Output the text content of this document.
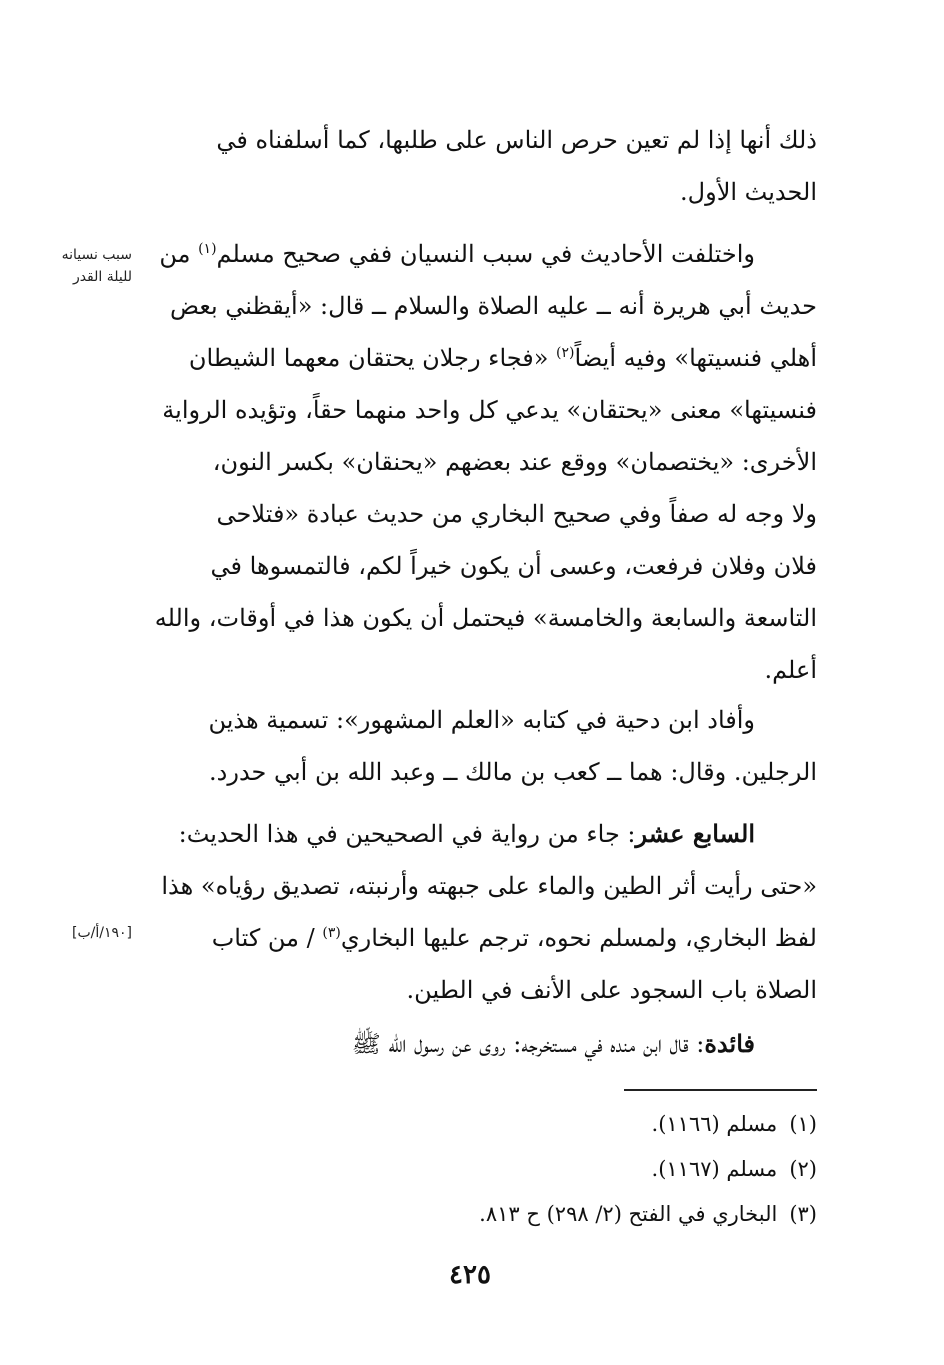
ذلك أنها إذا لم تعين حرص الناس على طلبها، كما أسلفناه في
الحديث الأول.
واختلفت الأحاديث في سبب النسيان ففي صحيح مسلم$^{(١)}$ من
حديث أبي هريرة أنه ــ عليه الصلاة والسلام ــ قال: «أيقظني بعض
أهلي فنسيتها» وفيه أيضاً$^{(٢)}$ «فجاء رجلان يحتقان معهما الشيطان
فنسيتها» معنى «يحتقان» يدعي كل واحد منهما حقاً، وتؤيده الرواية
الأخرى: «يختصمان» ووقع عند بعضهم «يحنقان» بكسر النون،
ولا وجه له صفاً وفي صحيح البخاري من حديث عبادة «فتلاحى
فلان وفلان فرفعت، وعسى أن يكون خيراً لكم، فالتمسوها في
التاسعة والسابعة والخامسة» فيحتمل أن يكون هذا في أوقات، والله
أعلم.
وأفاد ابن دحية في كتابه «العلم المشهور»: تسمية هذين
الرجلين. وقال: هما ــ كعب بن مالك ــ وعبد الله بن أبي حدرد.
السابع عشر: جاء من رواية في الصحيحين في هذا الحديث:
«حتى رأيت أثر الطين والماء على جبهته وأرنبته، تصديق رؤياه» هذا
لفظ البخاري، ولمسلم نحوه، ترجم عليها البخاري$^{(٣)}$ / من كتاب
الصلاة باب السجود على الأنف في الطين.
فائدة: قال ابن منده في مستخرجه: روى عن رسول الله ﷺ
سبب نسيانه
لليلة القدر
[١٩٠/أ/ب]
(١)مسلم (١١٦٦).
(٢)مسلم (١١٦٧).
(٣)البخاري في الفتح (٢/ ٢٩٨) ح ٨١٣.
٤٢٥
